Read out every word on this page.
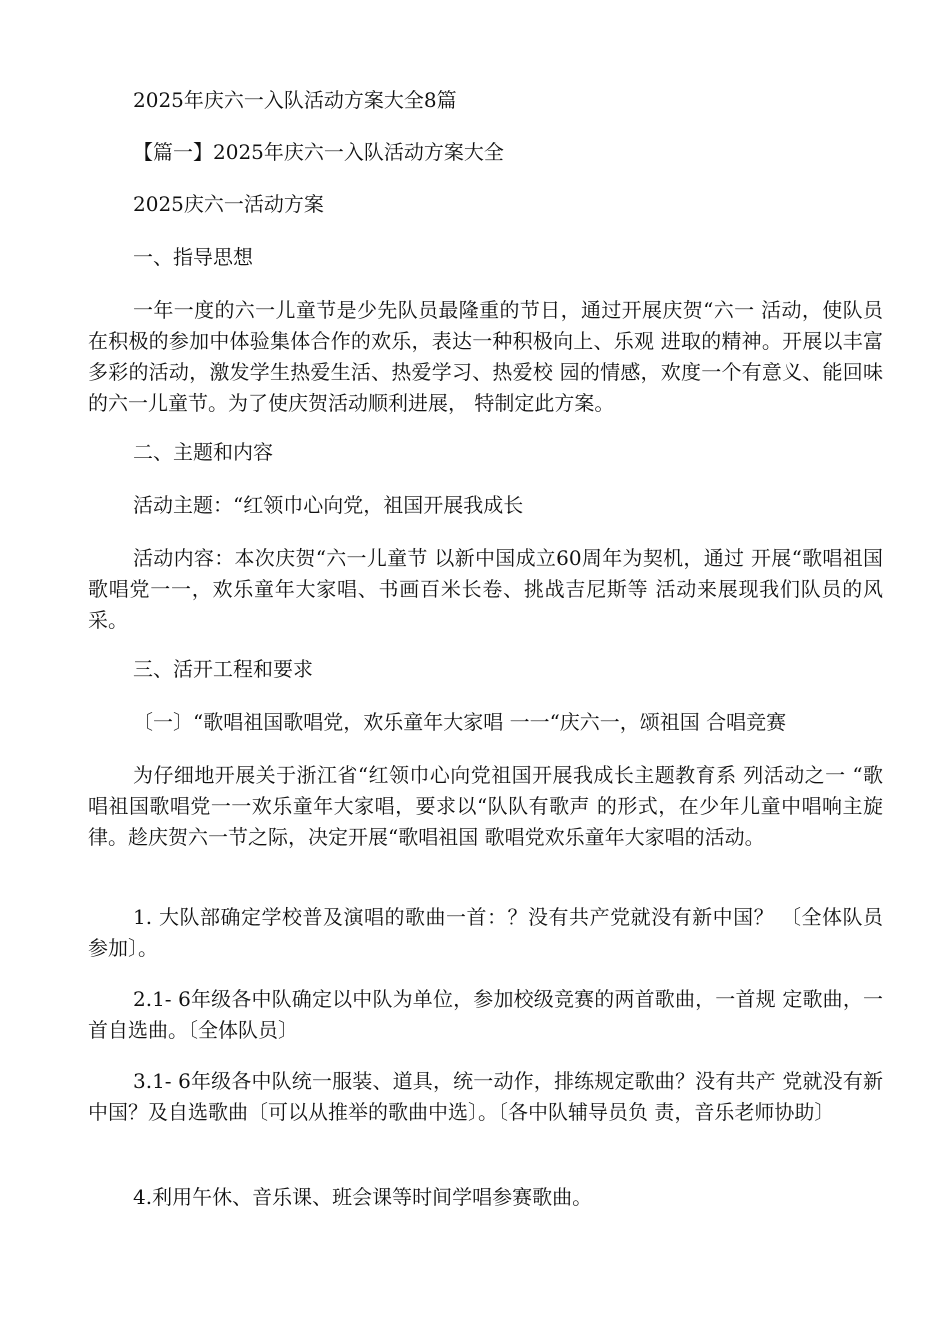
2025年庆六一入队活动方案大全8篇
【篇一】2025年庆六一入队活动方案大全
2025庆六一活动方案
一、指导思想
一年一度的六一儿童节是少先队员最隆重的节日，通过开展庆贺“六一 活动，使队员在积极的参加中体验集体合作的欢乐，表达一种积极向上、乐观 进取的精神。开展以丰富多彩的活动，激发学生热爱生活、热爱学习、热爱校 园的情感，欢度一个有意义、能回味的六一儿童节。为了使庆贺活动顺利进展， 特制定此方案。
二、主题和内容
活动主题：“红领巾心向党，祖国开展我成长
活动内容：本次庆贺“六一儿童节 以新中国成立60周年为契机，通过 开展“歌唱祖国歌唱党一一，欢乐童年大家唱、书画百米长卷、挑战吉尼斯等 活动来展现我们队员的风采。
三、活开工程和要求
〔一〕“歌唱祖国歌唱党，欢乐童年大家唱 一一“庆六一，颂祖国 合唱竞赛
为仔细地开展关于浙江省“红领巾心向党祖国开展我成长主题教育系 列活动之一 “歌唱祖国歌唱党一一欢乐童年大家唱，要求以“队队有歌声 的形式，在少年儿童中唱响主旋律。趁庆贺六一节之际，决定开展“歌唱祖国 歌唱党欢乐童年大家唱的活动。
1. 大队部确定学校普及演唱的歌曲一首：？没有共产党就没有新中国？ 〔全体队员参加〕。
2.1- 6年级各中队确定以中队为单位，参加校级竞赛的两首歌曲，一首规 定歌曲，一首自选曲。〔全体队员〕
3.1- 6年级各中队统一服装、道具，统一动作，排练规定歌曲？没有共产 党就没有新中国？及自选歌曲〔可以从推举的歌曲中选〕。〔各中队辅导员负 责，音乐老师协助〕
4.利用午休、音乐课、班会课等时间学唱参赛歌曲。
